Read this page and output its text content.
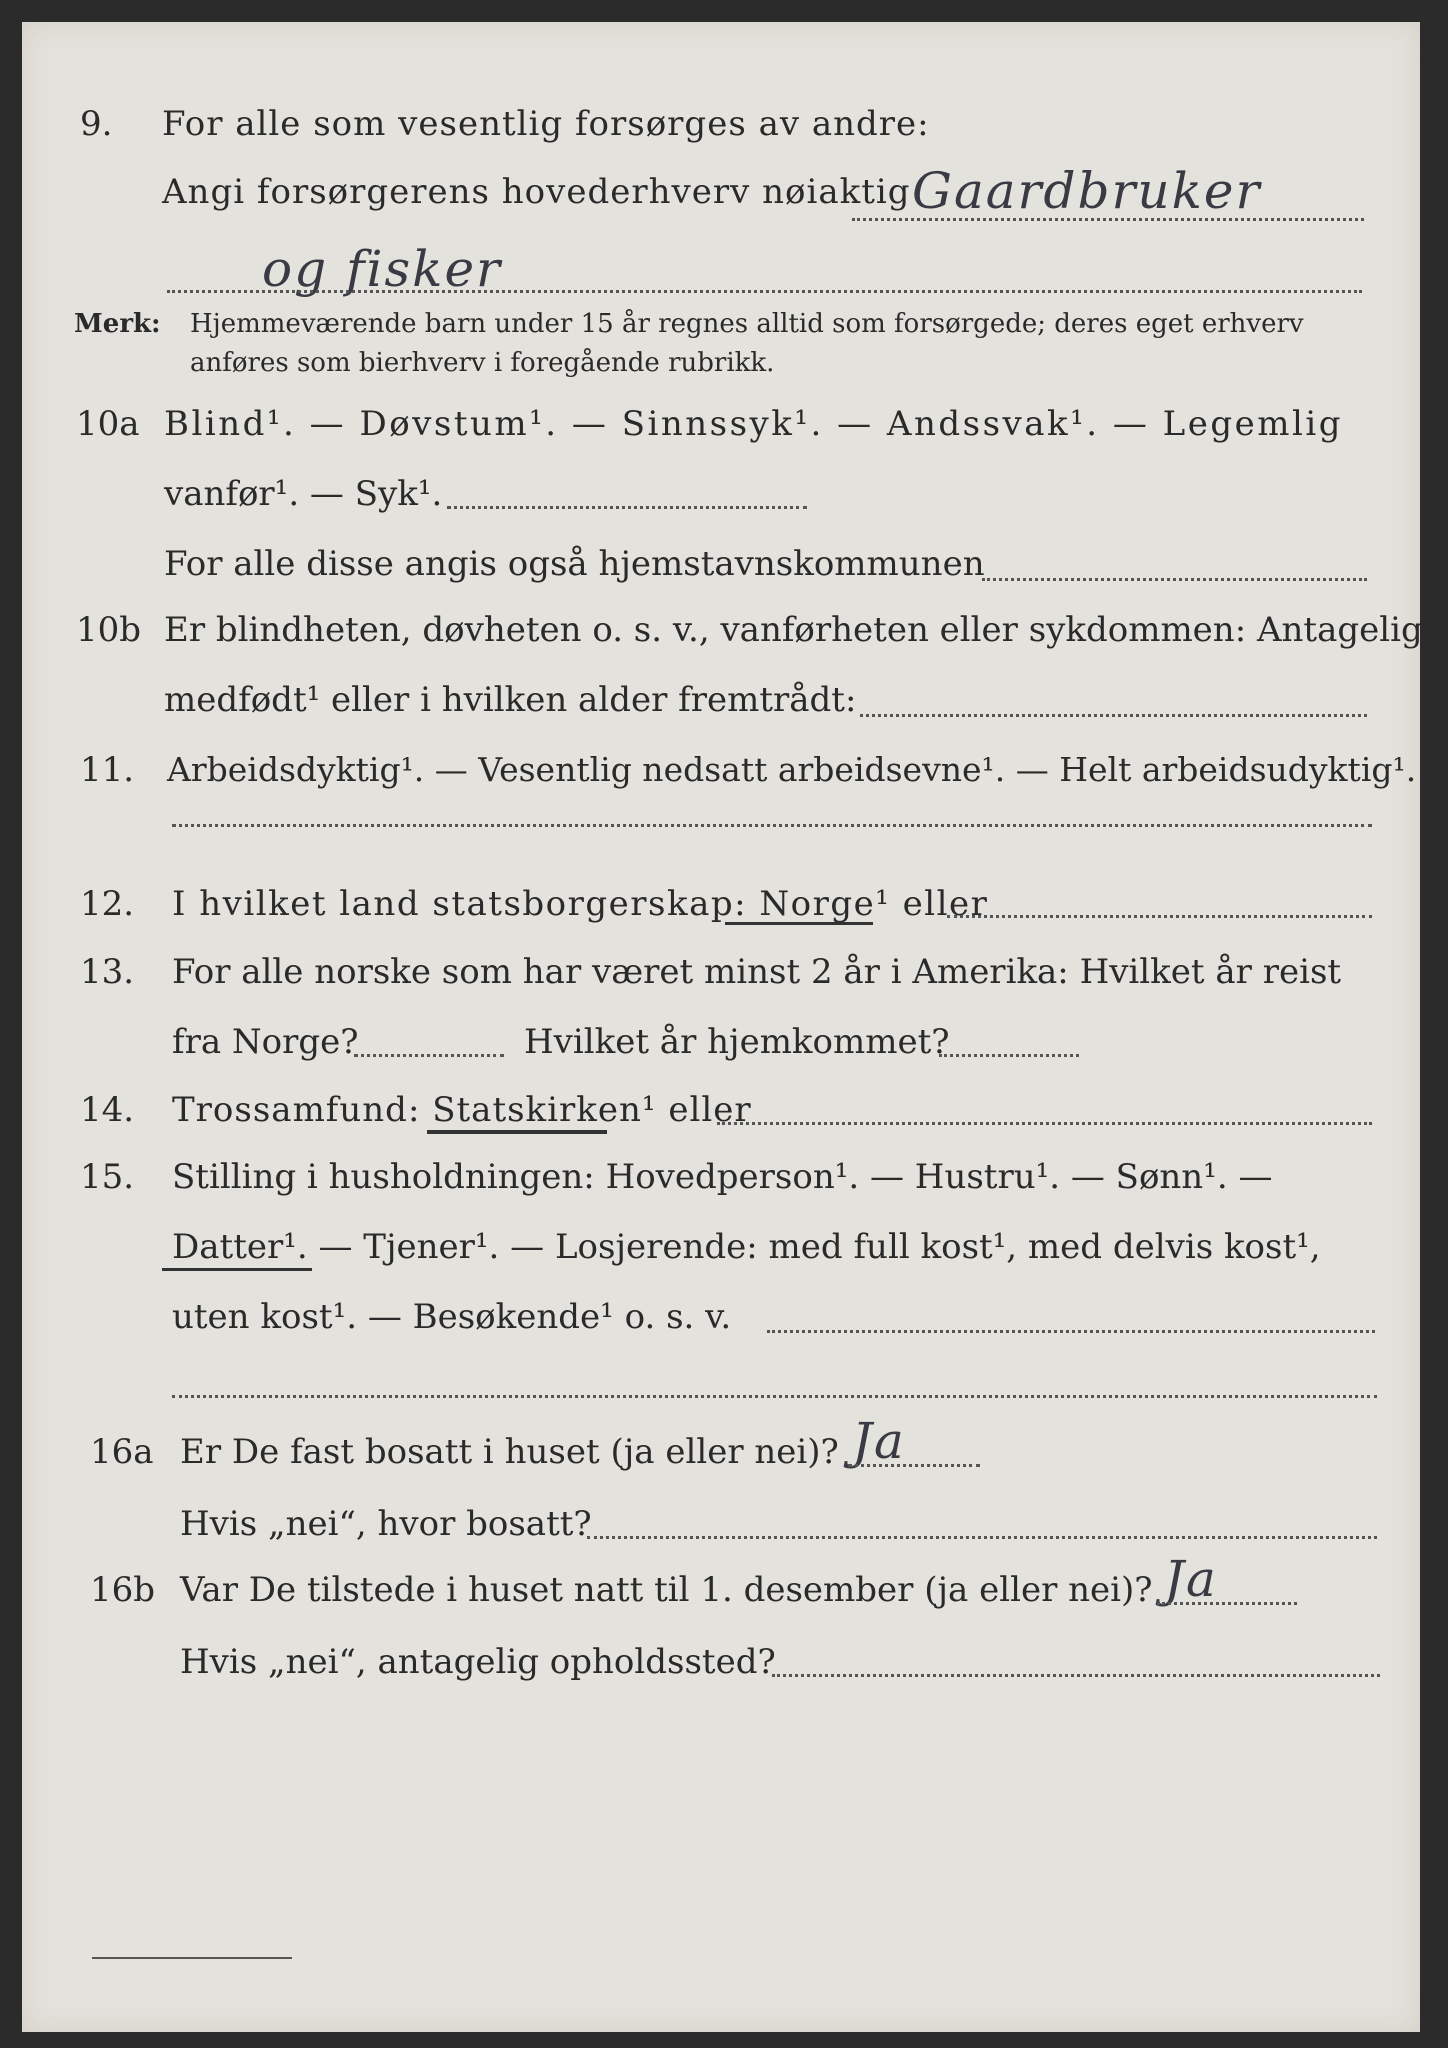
9.	For alle som vesentlig forsørges av andre:
Angi forsørgerens hovederhverv nøiaktig Gaardbruker
og fisker
Merk: Hjemmeværende barn under 15 år regnes alltid som forsørgede; deres eget erhverv
anføres som bierhverv i foregående rubrikk.
10a Blind¹. — Døvstum¹. — Sinnssyk¹. — Andssvak¹. — Legemlig
vanfør¹. — Syk¹.
For alle disse angis også hjemstavnskommunen
10b Er blindheten, døvheten o. s. v., vanførheten eller sykdommen: Antagelig
medfødt¹ eller i hvilken alder fremtrådt:
11. Arbeidsdyktig¹. — Vesentlig nedsatt arbeidsevne¹. — Helt arbeidsudyktig¹.
12.	I hvilket land statsborgerskap: Norge¹ eller
13.	For alle norske som har været minst 2 år i Amerika: Hvilket år reist
fra Norge?	Hvilket år hjemkommet?
14.	Trossamfund: Statskirken¹ eller
15.	Stilling i husholdningen: Hovedperson¹. — Hustru¹. — Sønn¹. —
Datter¹. — Tjener¹. — Losjerende: med full kost¹, med delvis kost¹,
uten kost¹. — Besøkende¹ o. s. v.
16a Er De fast bosatt i huset (ja eller nei)? Ja
Hvis „nei“, hvor bosatt?
16b Var De tilstede i huset natt til 1. desember (ja eller nei)? Ja
Hvis „nei“, antagelig opholdssted?
